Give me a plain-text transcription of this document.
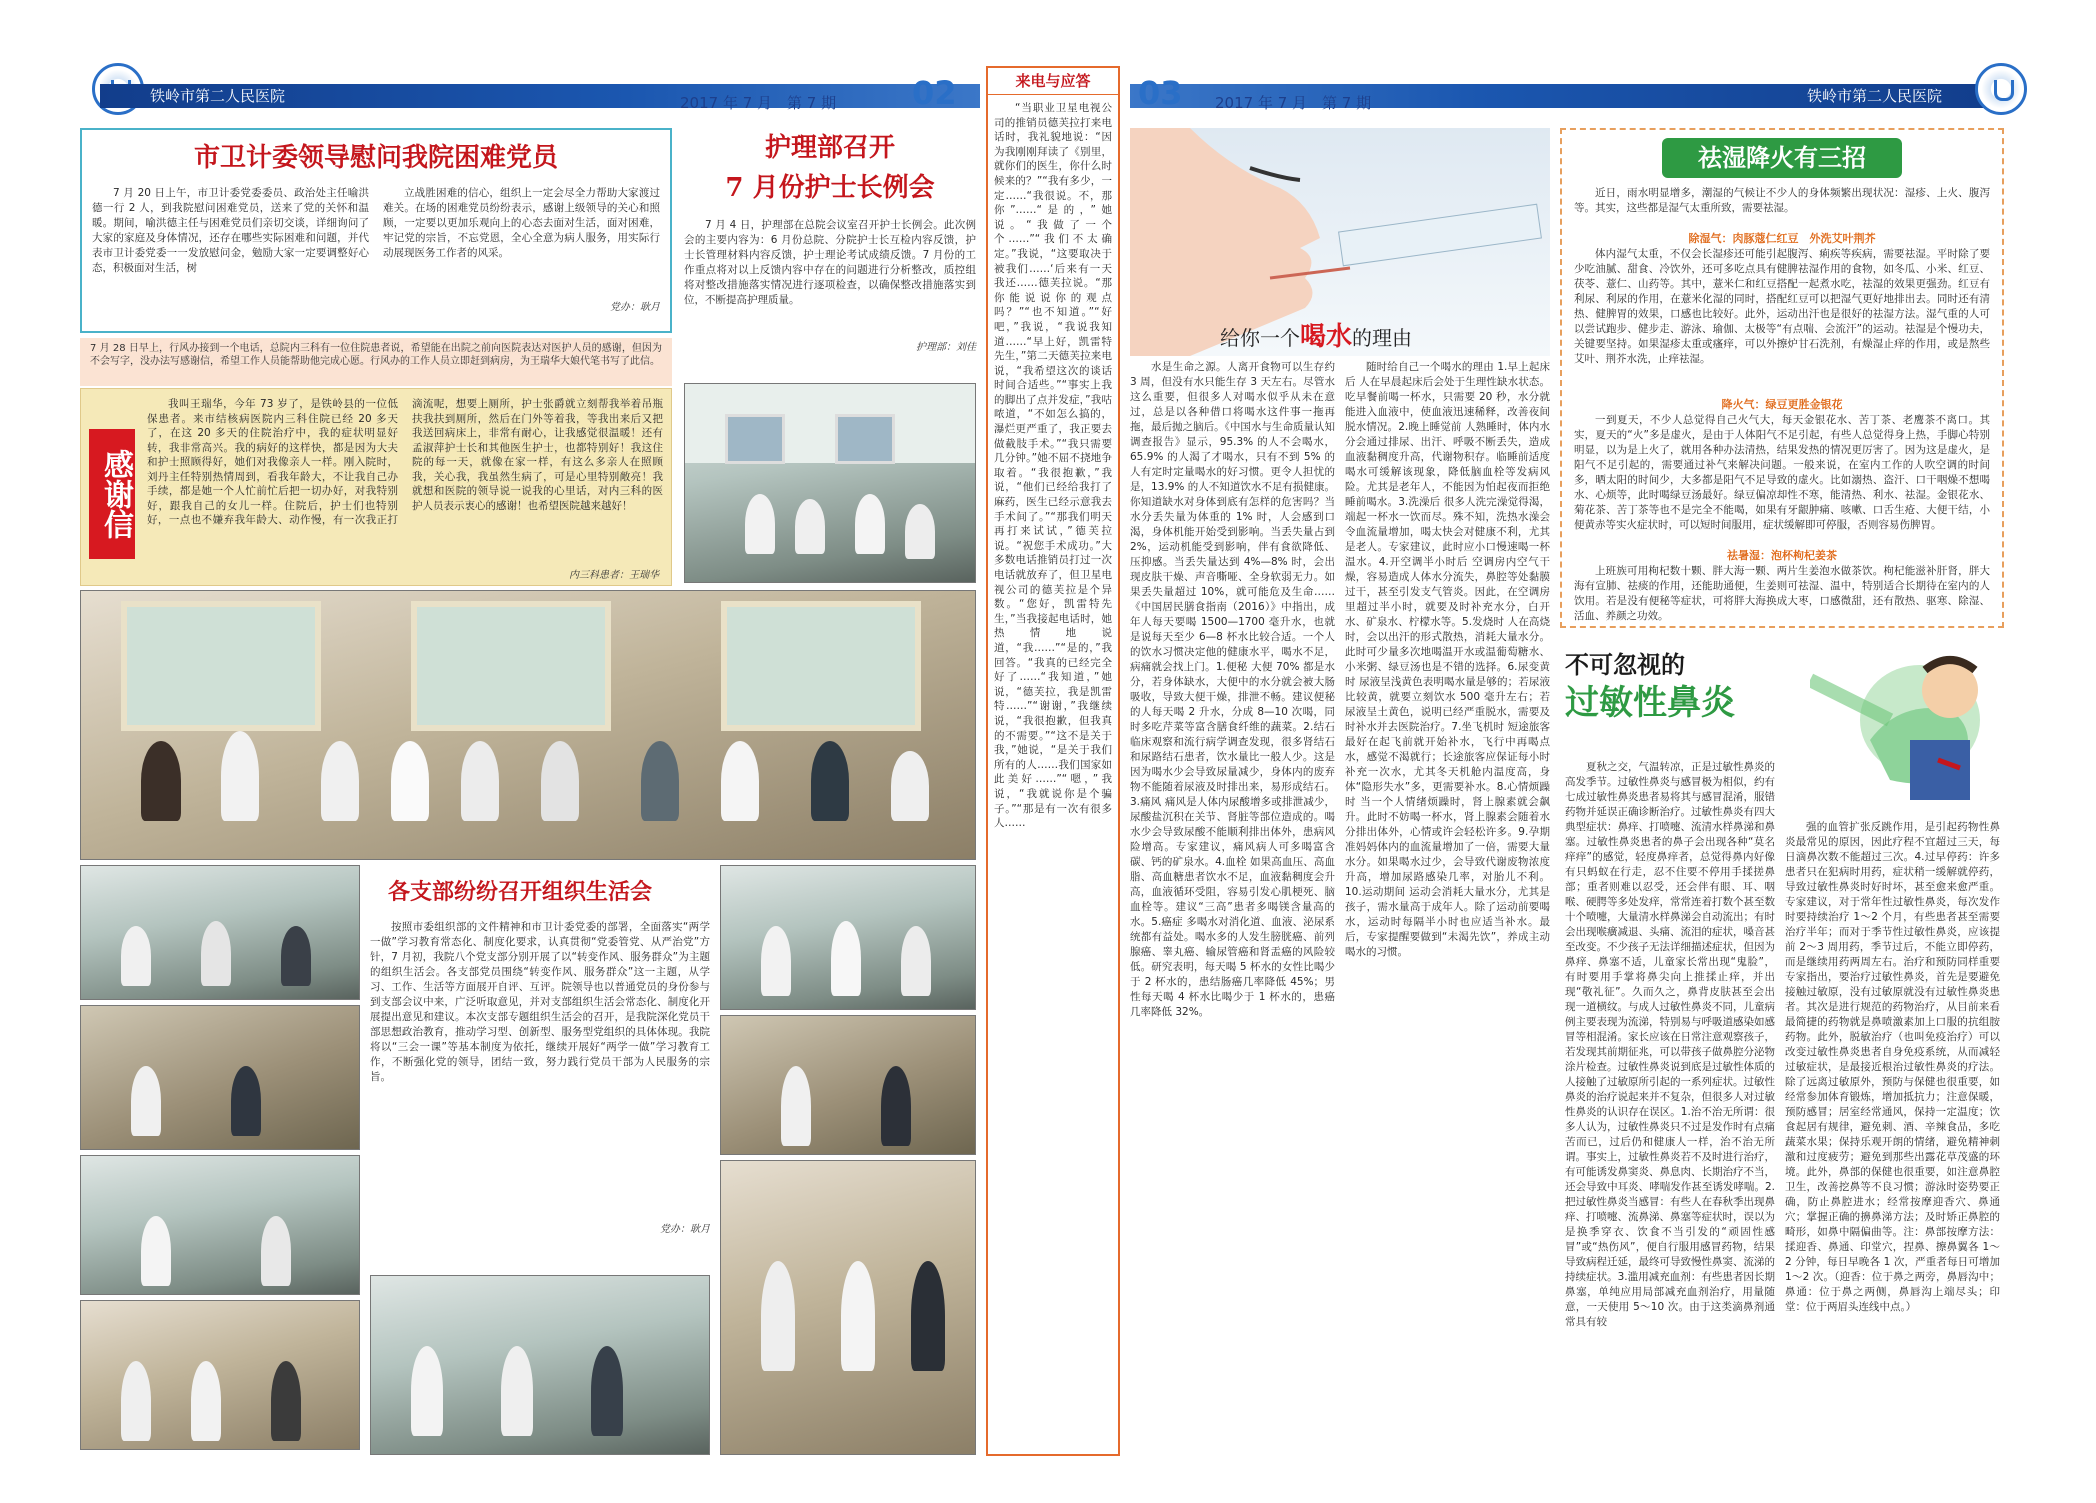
铁岭市第二人民医院	2017 年 7 月　第 7 期 02	铁岭市第二人民医院
03 2017 年 7 月　第 7 期
市卫计委领导慰问我院困难党员

7 月 20 日上午，市卫计委党委委员、政治处主任喻洪德一行 2 人，到我院慰问困难党员，送来了党的关怀和温暖。期间，喻洪德主任与困难党员们亲切交谈，详细询问了大家的家庭及身体情况，还存在哪些实际困难和问题，并代表市卫计委党委一一发放慰问金，勉励大家一定要调整好心态，积极面对生活，树

立战胜困难的信心，组织上一定会尽全力帮助大家渡过难关。在场的困难党员纷纷表示，感谢上级领导的关心和照顾，一定要以更加乐观向上的心态去面对生活，面对困难，牢记党的宗旨，不忘党恩，全心全意为病人服务，用实际行动展现医务工作者的风采。

党办：耿月

护理部召开
7 月份护士长例会

7 月 4 日，护理部在总院会议室召开护士长例会。此次例会的主要内容为：6 月份总院、分院护士长互检内容反馈，护士长管理材料内容反馈，护士理论考试成绩反馈。7 月份的工作重点将对以上反馈内容中存在的问题进行分析整改，质控组将对整改措施落实情况进行逐项检查，以确保整改措施落实到位，不断提高护理质量。

护理部：刘佳

7 月 28 日早上，行风办接到一个电话，总院内三科有一位住院患者说，希望能在出院之前向医院表达对医护人员的感谢，但因为不会写字，没办法写感谢信，希望工作人员能帮助他完成心愿。行风办的工作人员立即赶到病房，为王瑞华大娘代笔书写了此信。

感谢信

我叫王瑞华，今年 73 岁了，是铁岭县的一位低保患者。来市结核病医院内三科住院已经 20 多天了，在这 20 多天的住院治疗中，我的症状明显好转，我非常高兴。我的病好的这样快，都是因为大夫和护士照顾得好，她们对我像亲人一样。刚入院时，刘丹主任特别热情周到，看我年龄大，不让我自己办手续，都是她一个人忙前忙后把一切办好，对我特别好，跟我自己的女儿一样。住院后，护士们也特别好，一点也不嫌弃我年龄大、动作慢，有一次我正打滴流呢，想要上厕所，护士张爵就立刻帮我举着吊瓶扶我扶到厕所，然后在门外等着我，等我出来后又把我送回病床上，非常有耐心，让我感觉很温暖！还有孟淑萍护士长和其他医生护士，也都特别好！我这住院的每一天，就像在家一样，有这么多亲人在照顾我，关心我，我虽然生病了，可是心里特别敞亮！我就想和医院的领导说一说我的心里话，对内三科的医护人员表示衷心的感谢！也希望医院越来越好！

内三科患者：王瑞华

各支部纷纷召开组织生活会

按照市委组织部的文件精神和市卫计委党委的部署，全面落实“两学一做”学习教育常态化、制度化要求，认真贯彻“党委管党、从严治党”方针，7 月初，我院八个党支部分别开展了以“转变作风、服务群众”为主题的组织生活会。各支部党员围绕“转变作风、服务群众”这一主题，从学习、工作、生活等方面展开自评、互评。院领导也以普通党员的身份参与到支部会议中来，广泛听取意见，并对支部组织生活会常态化、制度化开展提出意见和建议。本次支部专题组织生活会的召开，是我院深化党员干部思想政治教育，推动学习型、创新型、服务型党组织的具体体现。我院将以“三会一课”等基本制度为依托，继续开展好“两学一做”学习教育工作，不断强化党的领导，团结一致，努力践行党员干部为人民服务的宗旨。

党办：耿月

来电与应答

“当职业卫星电视公司的推销员德芙拉打来电话时，我礼貌地说：“因为我刚刚拜读了《别里，就你们的医生，你什么时候来的？”“我有多少，一定……“我很说。不，那你”……“是的，”她说。“我做了一个个……”“我们不太确定。”我说，“这要取决于被我们……‘后来有一天我还……德芙拉说。“那你能说说你的观点吗？”“也不知道。”“好吧，”我说，“我说我知道……“早上好，凯雷特先生，”第二天德芙拉来电说，“我希望这次的谈话时间合适些。”“事实上我的脚出了点并发症，”我咕哝道，“不如怎么搞的，瀑烂更严重了，我正要去做截肢手术。”“我只需要几分钟。”她不屈不挠地争取着。“我很抱歉，”我说，“他们已经给我打了麻药，医生已经示意我去手术间了。”“那我们明天再打来试试，”德芙拉说。“祝您手术成功。”大多数电话推销员打过一次电话就放弃了，但卫星电视公司的德芙拉是个异数。“您好，凯雷特先生，”当我接起电话时，她热情地说道，“我……”“是的，”我回答。“我真的已经完全好了……“我知道，”她说，“德芙拉，我是凯雷特……”“谢谢，”我继续说，“我很抱歉，但我真的不需要。”“这不是关于我，”她说，“是关于我们所有的人……我们国家如此美好……”“嗯，”我说，“我就说你是个骗子。”“那是有一次有很多人……

给你一个喝水的理由

水是生命之源。人离开食物可以生存约 3 周，但没有水只能生存 3 天左右。尽管水这么重要，但很多人对喝水似乎从未在意过，总是以各种借口将喝水这件事一拖再拖，最后抛之脑后。《中国水与生命质量认知调查报告》显示，95.3% 的人不会喝水，65.9% 的人渴了才喝水，只有不到 5% 的人有定时定量喝水的好习惯。更令人担忧的是，13.9% 的人不知道饮水不足有损健康。你知道缺水对身体到底有怎样的危害吗？当水分丢失量为体重的 1% 时，人会感到口渴，身体机能开始受到影响。当丢失量占到 2%，运动机能受到影响，伴有食欲降低、压抑感。当丢失量达到 4%—8% 时，会出现皮肤干燥、声音嘶哑、全身软弱无力。如果丢失量超过 10%，就可能危及生命……《中国居民膳食指南（2016）》中指出，成年人每天要喝 1500—1700 毫升水，也就是说每天至少 6—8 杯水比较合适。一个人的饮水习惯决定他的健康水平，喝水不足，病痛就会找上门。1.便秘 大便 70% 都是水分，若身体缺水，大便中的水分就会被大肠吸收，导致大便干燥，排泄不畅。建议便秘的人每天喝 2 升水，分成 8—10 次喝，同时多吃芹菜等富含膳食纤维的蔬菜。2.结石 临床观察和流行病学调查发现，很多肾结石和尿路结石患者，饮水量比一般人少。这是因为喝水少会导致尿量减少，身体内的废弃物不能随着尿液及时排出来，易形成结石。3.痛风 痛风是人体内尿酸增多或排泄减少，尿酸盐沉积在关节、肾脏等部位造成的。喝水少会导致尿酸不能顺利排出体外，患病风险增高。专家建议，痛风病人可多喝富含碳、钙的矿泉水。4.血栓 如果高血压、高血脂、高血糖患者饮水不足，血液黏稠度会升高，血液循环受阻，容易引发心肌梗死、脑血栓等。建议“三高”患者多喝镁含量高的水。5.癌症 多喝水对消化道、血液、泌尿系统都有益处。喝水多的人发生膀胱癌、前列腺癌、睾丸癌、输尿管癌和肾盂癌的风险较低。研究表明，每天喝 5 杯水的女性比喝少于 2 杯水的，患结肠癌几率降低 45%；男性每天喝 4 杯水比喝少于 1 杯水的，患癌几率降低 32%。

随时给自己一个喝水的理由 1.早上起床后 人在早晨起床后会处于生理性缺水状态。吃早餐前喝一杯水，只需要 20 秒，水分就能进入血液中，使血液迅速稀释，改善夜间脱水情况。2.晚上睡觉前 人熟睡时，体内水分会通过排尿、出汗、呼吸不断丢失，造成血液黏稠度升高，代谢物积存。临睡前适度喝水可缓解该现象，降低脑血栓等发病风险。尤其是老年人，不能因为怕起夜而拒绝睡前喝水。3.洗澡后 很多人洗完澡觉得渴，端起一杯水一饮而尽。殊不知，洗热水澡会令血流量增加，喝太快会对健康不利，尤其是老人。专家建议，此时应小口慢速喝一杯温水。4.开空调半小时后 空调房内空气干燥，容易造成人体水分流失，鼻腔等处黏膜过干，甚至引发支气管炎。因此，在空调房里超过半小时，就要及时补充水分，白开水、矿泉水、柠檬水等。5.发烧时 人在高烧时，会以出汗的形式散热，消耗大量水分。此时可少量多次地喝温开水或温葡萄糖水、小米粥、绿豆汤也是不错的选择。6.尿变黄时 尿液呈浅黄色表明喝水量是够的；若尿液比较黄，就要立刻饮水 500 毫升左右；若尿液呈土黄色，说明已经严重脱水，需要及时补水并去医院治疗。7.坐飞机时 短途旅客最好在起飞前就开始补水，飞行中再喝点水，感觉不渴就行；长途旅客应保证每小时补充一次水，尤其冬天机舱内温度高，身体“隐形失水”多，更需要补水。8.心情烦躁时 当一个人情绪烦躁时，肾上腺素就会飙升。此时不妨喝一杯水，肾上腺素会随着水分排出体外，心情或许会轻松许多。9.孕期 准妈妈体内的血流量增加了一倍，需要大量水分。如果喝水过少，会导致代谢废物浓度升高，增加尿路感染几率，对胎儿不利。10.运动期间 运动会消耗大量水分，尤其是孩子，需水量高于成年人。除了运动前要喝水，运动时每隔半小时也应适当补水。最后，专家提醒要做到“未渴先饮”，养成主动喝水的习惯。

祛湿降火有三招

近日，雨水明显增多，潮湿的气候让不少人的身体频繁出现状况：湿疹、上火、腹泻等。其实，这些都是湿气太重所致，需要祛湿。

除湿气：肉豚蔻仁红豆　外洗艾叶荆芥

体内湿气太重，不仅会长湿疹还可能引起腹泻、痢疾等疾病，需要祛湿。平时除了要少吃油腻、甜食、冷饮外，还可多吃点具有健脾祛湿作用的食物，如冬瓜、小米、红豆、茯苓、薏仁、山药等。其中，薏米仁和红豆搭配一起煮水吃，祛湿的效果更强劲。红豆有利尿、利尿的作用，在薏米化湿的同时，搭配红豆可以把湿气更好地排出去。同时还有清热、健脾胃的效果，口感也比较好。此外，运动出汗也是很好的祛湿方法。湿气重的人可以尝试跑步、健步走、游泳、瑜伽、太极等“有点喘、会流汗”的运动。祛湿是个慢功夫，关键要坚持。如果湿疹太重或瘙痒，可以外擦炉甘石洗剂，有燥湿止痒的作用，或是熬些艾叶、荆芥水洗，止痒祛湿。

降火气：绿豆更胜金银花

一到夏天，不少人总觉得自己火气大，每天金银花水、苦丁茶、老鹰茶不离口。其实，夏天的“火”多是虚火，是由于人体阳气不足引起，有些人总觉得身上热，手脚心特别明显，以为是上火了，就用各种办法清热，结果发热的情况更厉害了。因为这是虚火，是阳气不足引起的，需要通过补气来解决问题。一般来说，在室内工作的人吹空调的时间多，晒太阳的时间少，大多都是阳气不足导致的虚火。比如溺热、盗汗、口干咽燥不想喝水、心烦等，此时喝绿豆汤最好。绿豆偏凉却性不寒，能清热、利水、祛湿。金银花水、菊花茶、苦丁茶等也不是完全不能喝，如果有牙龈肿痛、咳嗽、口舌生疮、大便干结，小便黄赤等实火症状时，可以短时间服用，症状缓解即可停服，否则容易伤脾胃。

祛暑湿：泡杯枸杞姜茶

上班族可用枸杞数十颗、胖大海一颗、两片生姜泡水做茶饮。枸杞能滋补肝肾，胖大海有宣肺、祛痰的作用，还能助通便，生姜则可祛湿、温中，特别适合长期待在室内的人饮用。若是没有便秘等症状，可将胖大海换成大枣，口感微甜，还有散热、驱寒、除湿、活血、养颜之功效。

不可忽视的
过敏性鼻炎

夏秋之交，气温转凉，正是过敏性鼻炎的高发季节。过敏性鼻炎与感冒极为相似，约有七成过敏性鼻炎患者易将其与感冒混淆，服错药物并延误正确诊断治疗。过敏性鼻炎有四大典型症状：鼻痒、打喷嚏、流清水样鼻涕和鼻塞。过敏性鼻炎患者的鼻子会出现各种“莫名痒痒”的感觉，轻度鼻痒者，总觉得鼻内好像有只蚂蚁在行走，忍不住要不停用手揉搓鼻部；重者则难以忍受，还会伴有眼、耳、咽喉、硬腭等多处发痒，常常连着打数个甚至数十个喷嚏，大量清水样鼻涕会自动流出；有时会出现喉癀减退、头痛、流泪的症状，嗓音甚至改变。不少孩子无法详细描述症状，但因为鼻痒、鼻塞不适，儿童家长常出现“鬼脸”，有时要用手掌将鼻尖向上推揉止痒，并出现“敬礼征”。久而久之，鼻背皮肤甚至会出现一道横纹。与成人过敏性鼻炎不同，儿童病例主要表现为流涕，特别易与呼吸道感染如感冒等相混淆。家长应该在日常注意观察孩子，若发现其前期征兆，可以带孩子做鼻腔分泌物涂片检查。过敏性鼻炎说到底是过敏性体质的人接触了过敏原所引起的一系列症状。过敏性鼻炎的治疗说起来并不复杂，但很多人对过敏性鼻炎的认识存在误区。1.治不治无所谓：很多人认为，过敏性鼻炎只不过是发作时有点痛苦而已，过后仍和健康人一样，治不治无所谓。事实上，过敏性鼻炎若不及时进行治疗，有可能诱发鼻窦炎、鼻息肉、长期治疗不当，还会导致中耳炎、哮喘发作甚至诱发哮喘。2.把过敏性鼻炎当感冒：有些人在春秋季出现鼻痒、打喷嚏、流鼻涕、鼻塞等症状时，误以为是换季穿衣、饮食不当引发的“顽固性感冒”或“热伤风”，便自行服用感冒药物，结果导致病程迁延，最终可导致慢性鼻窦、流涕的持续症状。3.滥用减充血剂：有些患者因长期鼻塞，单纯应用局部减充血剂治疗，用量随意，一天使用 5～10 次。由于这类滴鼻剂通常具有较

强的血管扩张反跳作用，是引起药物性鼻炎最常见的原因，因此疗程不宜超过三天，每日滴鼻次数不能超过三次。4.过早停药：许多患者只在犯病时用药，症状稍一缓解就停药，导致过敏性鼻炎时好时坏，甚至愈来愈严重。专家建议，对于常年性过敏性鼻炎，每次发作时要持续治疗 1～2 个月，有些患者甚至需要治疗半年；而对于季节性过敏性鼻炎，应该提前 2～3 周用药，季节过后，不能立即停药，而是继续用药两周左右。治疗和预防同样重要 专家指出，要治疗过敏性鼻炎，首先是要避免接触过敏原，没有过敏原就没有过敏性鼻炎患者。其次是进行规范的药物治疗，从目前来看最简捷的药物就是鼻喷激素加上口服的抗组胺药物。此外，脱敏治疗（也叫免疫治疗）可以改变过敏性鼻炎患者自身免疫系统，从而减轻过敏症状，是最接近根治过敏性鼻炎的疗法。除了远离过敏原外，预防与保健也很重要，如经常参加体育锻炼，增加抵抗力；注意保暖，预防感冒；居室经常通风，保持一定温度；饮食起居有规律，避免刺、酒、辛辣食品，多吃蔬菜水果；保持乐观开朗的情绪，避免精神刺激和过度疲劳；避免到那些出露花草茂盛的环境。此外，鼻部的保健也很重要，如注意鼻腔卫生，改善挖鼻等不良习惯；游泳时姿势要正确，防止鼻腔进水；经常按摩迎香穴、鼻通穴；掌握正确的擤鼻涕方法；及时矫正鼻腔的畸形，如鼻中隔偏曲等。注：鼻部按摩方法：揉迎香、鼻通、印堂穴，捏鼻、擦鼻翼各 1～2 分钟，每日早晚各 1 次，严重者每日可增加 1～2 次。（迎香：位于鼻之两旁，鼻唇沟中；鼻通：位于鼻之两侧，鼻唇沟上端尽头；印堂：位于两眉头连线中点。）
